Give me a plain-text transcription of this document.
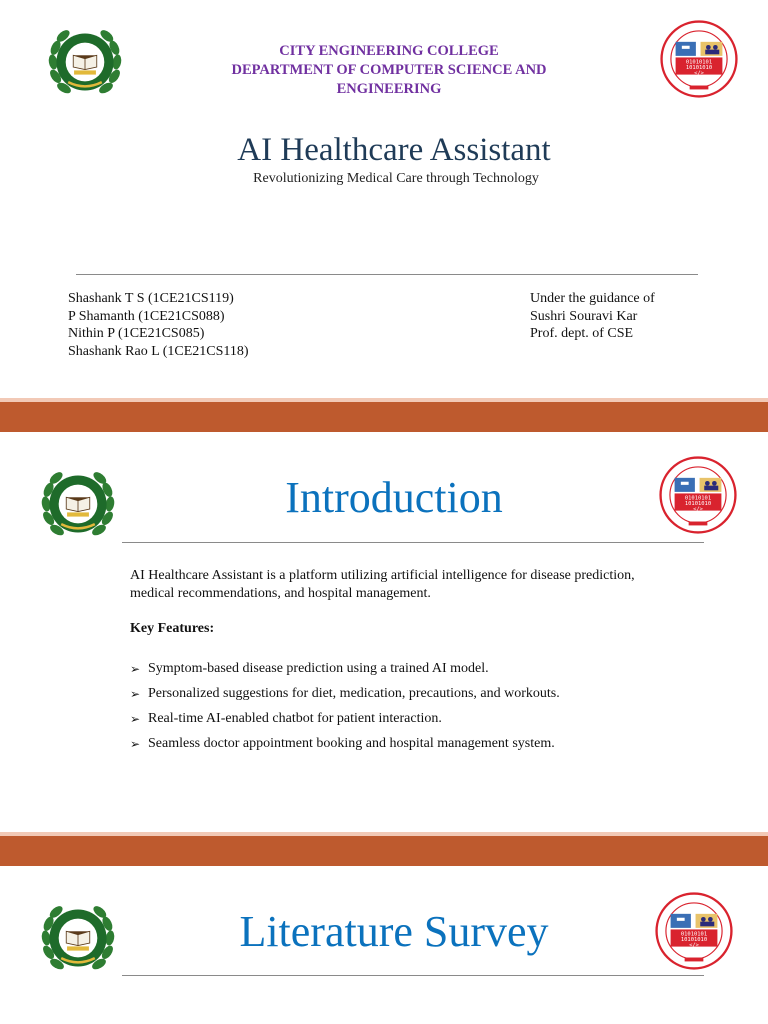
CITY ENGINEERING COLLEGE
DEPARTMENT OF COMPUTER SCIENCE AND
ENGINEERING
AI Healthcare Assistant
Revolutionizing Medical Care through Technology
Shashank T S (1CE21CS119)
P Shamanth (1CE21CS088)
Nithin P (1CE21CS085)
Shashank Rao L (1CE21CS118)
Under the guidance of
Sushri Souravi Kar
Prof. dept. of CSE
Introduction
AI Healthcare Assistant is a platform utilizing artificial intelligence for disease prediction,
medical recommendations, and hospital management.
Key Features:
➢ Symptom-based disease prediction using a trained AI model.
➢ Personalized suggestions for diet, medication, precautions, and workouts.
➢ Real-time AI-enabled chatbot for patient interaction.
➢ Seamless doctor appointment booking and hospital management system.
Literature Survey
